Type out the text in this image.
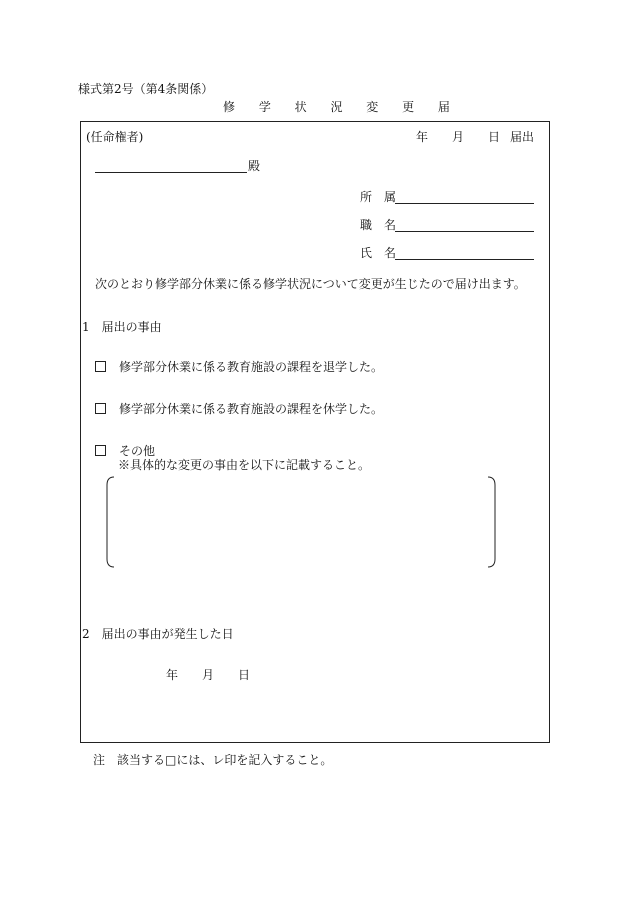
様式第2号（第4条関係）
修 学 状 況 変 更 届
(任命権者)	年　　月　　日 届出
殿
所　属
職　名
氏　名
次のとおり修学部分休業に係る修学状況について変更が生じたので届け出ます。
1　届出の事由
修学部分休業に係る教育施設の課程を退学した。
修学部分休業に係る教育施設の課程を休学した。
その他
※具体的な変更の事由を以下に記載すること。
2　届出の事由が発生した日
年　　月　　日
注　該当する□には、レ印を記入すること。
